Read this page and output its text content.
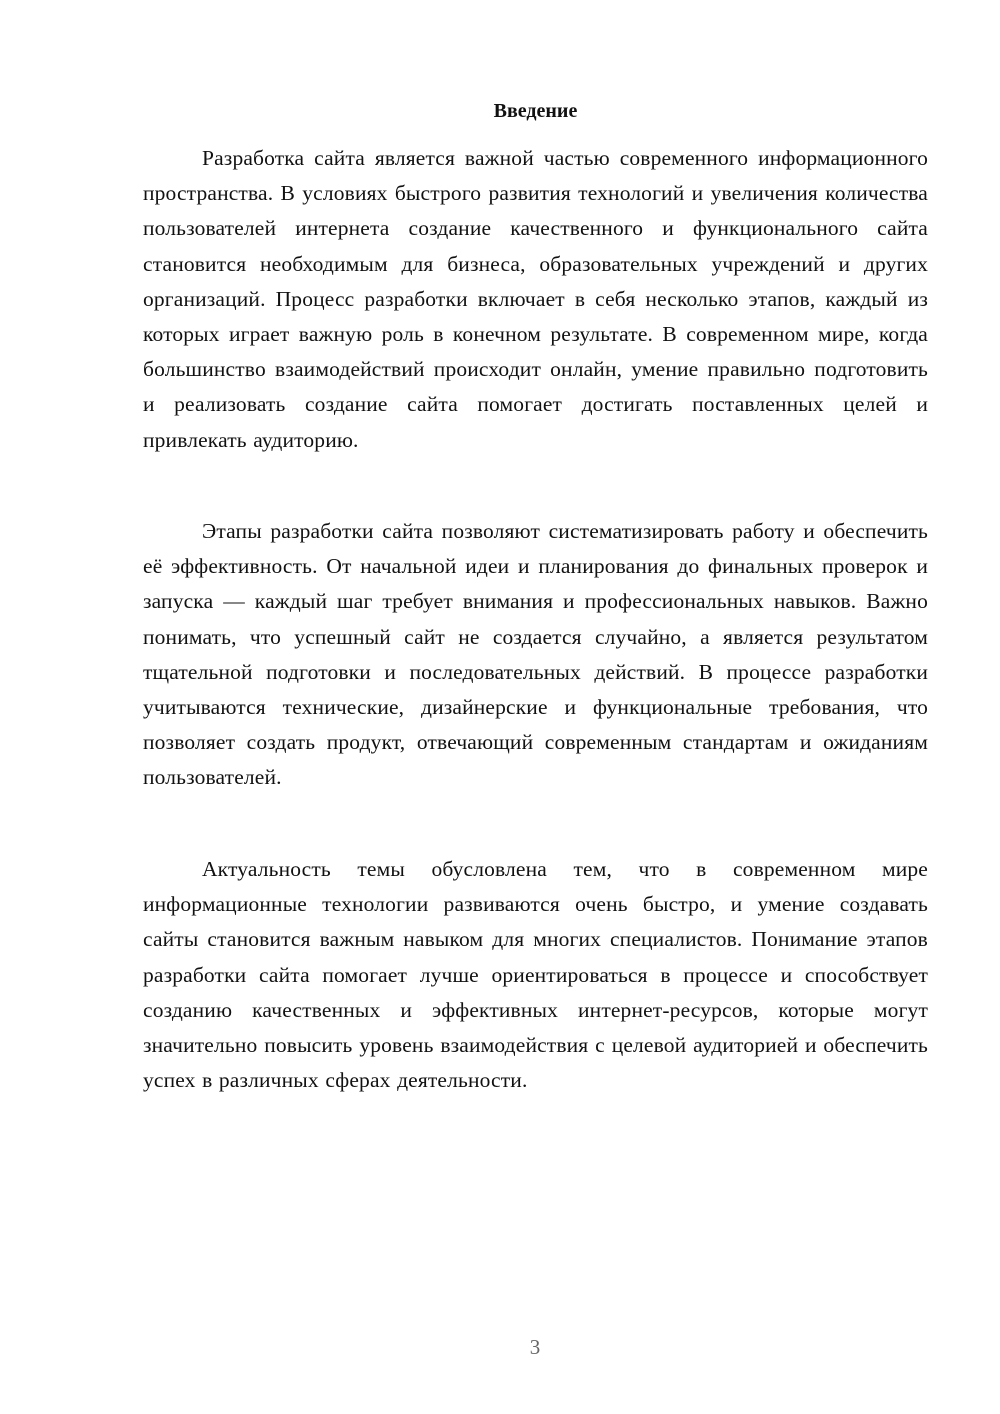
Введение

Разработка сайта является важной частью современного информационного пространства. В условиях быстрого развития технологий и увеличения количества пользователей интернета создание качественного и функционального сайта становится необходимым для бизнеса, образовательных учреждений и других организаций. Процесс разработки включает в себя несколько этапов, каждый из которых играет важную роль в конечном результате. В современном мире, когда большинство взаимодействий происходит онлайн, умение правильно подготовить и реализовать создание сайта помогает достигать поставленных целей и привлекать аудиторию.

Этапы разработки сайта позволяют систематизировать работу и обеспечить её эффективность. От начальной идеи и планирования до финальных проверок и запуска — каждый шаг требует внимания и профессиональных навыков. Важно понимать, что успешный сайт не создается случайно, а является результатом тщательной подготовки и последовательных действий. В процессе разработки учитываются технические, дизайнерские и функциональные требования, что позволяет создать продукт, отвечающий современным стандартам и ожиданиям пользователей.

Актуальность темы обусловлена тем, что в современном мире информационные технологии развиваются очень быстро, и умение создавать сайты становится важным навыком для многих специалистов. Понимание этапов разработки сайта помогает лучше ориентироваться в процессе и способствует созданию качественных и эффективных интернет-ресурсов, которые могут значительно повысить уровень взаимодействия с целевой аудиторией и обеспечить успех в различных сферах деятельности.

3
